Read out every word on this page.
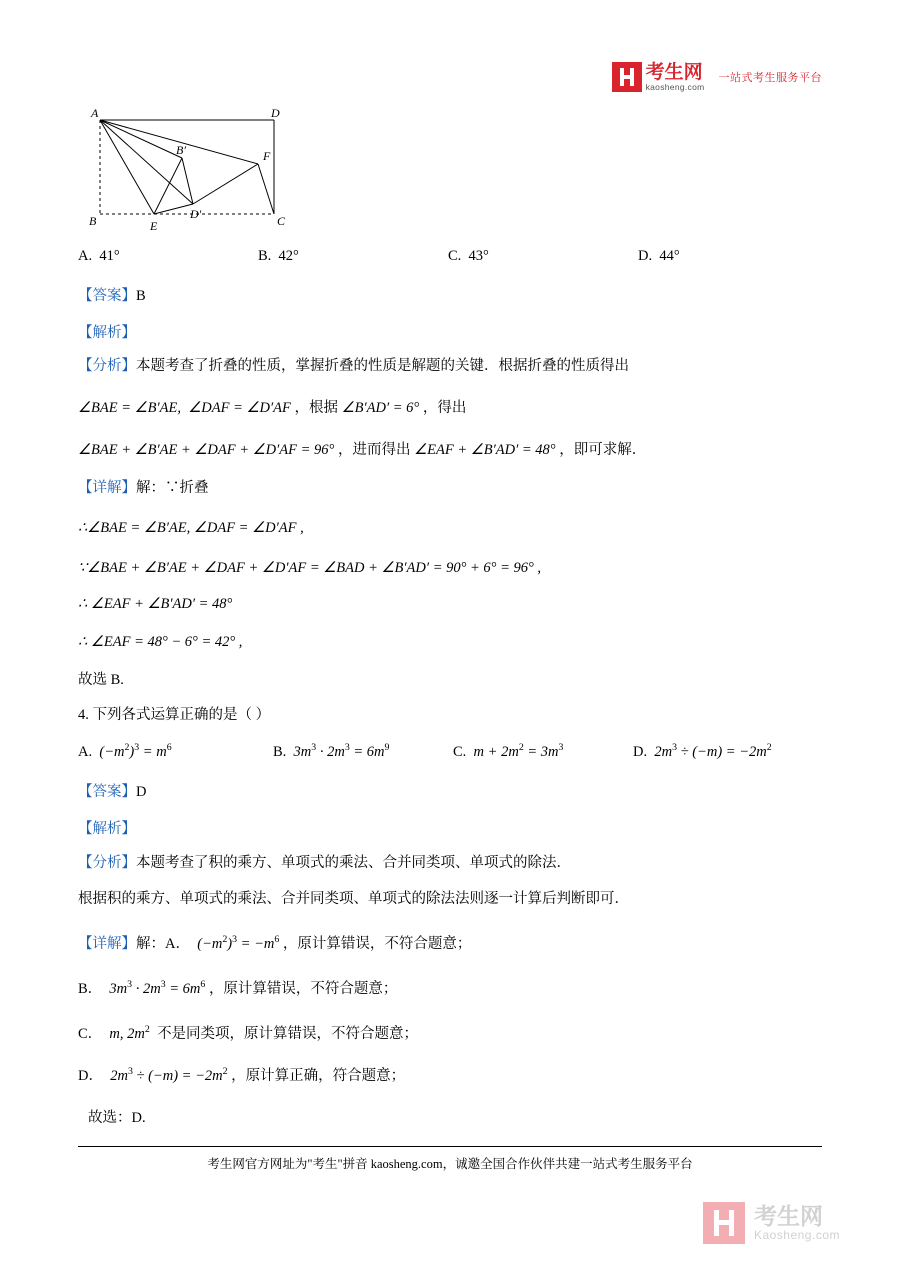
考生网
kaosheng.com
一站式考生服务平台
A	D
B′	F
B	E
D′	C
A. 41°	B. 42°	C. 43°	D. 44°
【答案】B
【解析】
【分析】本题考查了折叠的性质，掌握折叠的性质是解题的关键．根据折叠的性质得出
∠BAE = ∠B′AE,  ∠DAF = ∠D′AF ，根据 ∠B′AD′ = 6° ，得出
∠BAE + ∠B′AE + ∠DAF + ∠D′AF = 96° ，进而得出 ∠EAF + ∠B′AD′ = 48° ，即可求解．
【详解】解：∵折叠
∴∠BAE = ∠B′AE, ∠DAF = ∠D′AF ,
∵∠BAE + ∠B′AE + ∠DAF + ∠D′AF = ∠BAD + ∠B′AD′ = 90° + 6° = 96° ,
∴ ∠EAF + ∠B′AD′ = 48°
∴ ∠EAF = 48° − 6° = 42° ,
故选 B.
4. 下列各式运算正确的是（ ）
A. $(-m^2)^3 = m^6$	B. $3m^3 \cdot 2m^3 = 6m^9$	C. $m + 2m^2 = 3m^3$	D. $2m^3 \div (-m) = -2m^2$
【答案】D
【解析】
【分析】本题考查了积的乘方、单项式的乘法、合并同类项、单项式的除法．
根据积的乘方、单项式的乘法、合并同类项、单项式的除法法则逐一计算后判断即可．
【详解】解：A．  $(-m^2)^3 = -m^6$ ，原计算错误，不符合题意；
B．  $3m^3 \cdot 2m^3 = 6m^6$ ，原计算错误，不符合题意；
C． m, $2m^2$ 不是同类项，原计算错误，不符合题意；
D．  $2m^3 \div (-m) = -2m^2$ ，原计算正确，符合题意；
故选：D.
考生网官方网址为"考生"拼音 kaosheng.com，诚邀全国合作伙伴共建一站式考生服务平台
考生网
Kaosheng.com
